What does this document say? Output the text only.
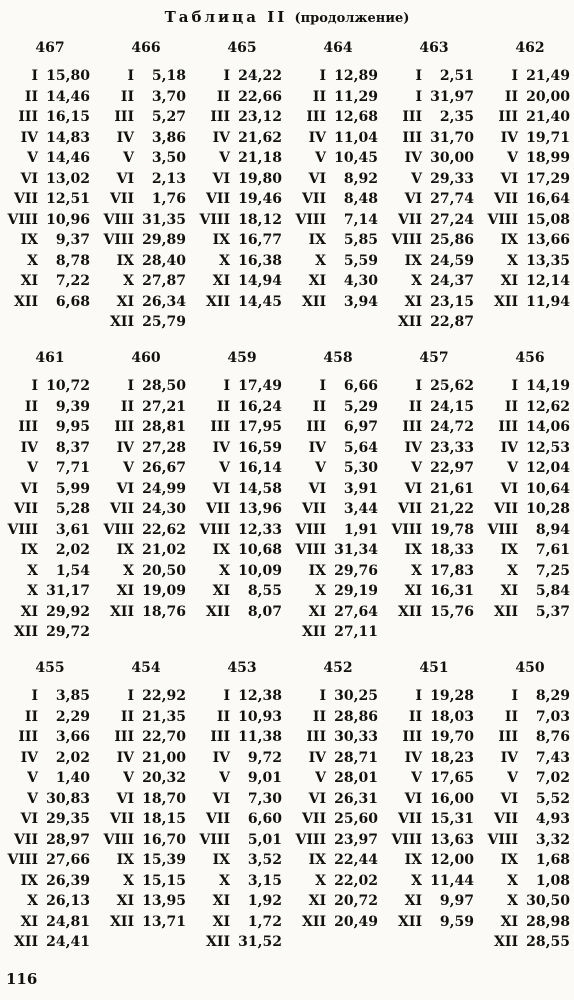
Таблица II (продолжение)
467
I 15,80
II 14,46
III 16,15
IV 14,83
V 14,46
VI 13,02
VII 12,51
VIII 10,96
IX	9,37
X	8,78
XI	7,22
XII	6,68
466
I	5,18
II	3,70
III	5,27
IV	3,86
V	3,50
VI	2,13
VII	1,76
VIII 31,35
VIII 29,89
IX 28,40
X 27,87
XI 26,34
XII 25,79
465
I 24,22
II 22,66
III 23,12
IV 21,62
V 21,18
VI 19,80
VII 19,46
VIII 18,12
IX 16,77
X 16,38
XI 14,94
XII 14,45
464
I 12,89
II 11,29
III 12,68
IV 11,04
V 10,45
VI	8,92
VII	8,48
VIII	7,14
IX	5,85
X	5,59
XI	4,30
XII	3,94
463
I	2,51
I 31,97
III	2,35
III 31,70
IV 30,00
V 29,33
VI 27,74
VII 27,24
VIII 25,86
IX 24,59
X 24,37
XI 23,15
XII 22,87
462
I 21,49
II 20,00
III 21,40
IV 19,71
V 18,99
VI 17,29
VII 16,64
VIII 15,08
IX 13,66
X 13,35
XI 12,14
XII 11,94
461
I 10,72
II	9,39
III	9,95
IV	8,37
V	7,71
VI	5,99
VII	5,28
VIII	3,61
IX	2,02
X	1,54
X 31,17
XI 29,92
XII 29,72
460
I 28,50
II 27,21
III 28,81
IV 27,28
V 26,67
VI 24,99
VII 24,30
VIII 22,62
IX 21,02
X 20,50
XI 19,09
XII 18,76
459
I 17,49
II 16,24
III 17,95
IV 16,59
V 16,14
VI 14,58
VII 13,96
VIII 12,33
IX 10,68
X 10,09
XI	8,55
XII	8,07
458
I	6,66
II	5,29
III	6,97
IV	5,64
V	5,30
VI	3,91
VII	3,44
VIII	1,91
VIII 31,34
IX 29,76
X 29,19
XI 27,64
XII 27,11
457
I 25,62
II 24,15
III 24,72
IV 23,33
V 22,97
VI 21,61
VII 21,22
VIII 19,78
IX 18,33
X 17,83
XI 16,31
XII 15,76
456
I 14,19
II 12,62
III 14,06
IV 12,53
V 12,04
VI 10,64
VII 10,28
VIII	8,94
IX	7,61
X	7,25
XI	5,84
XII	5,37
455
I	3,85
II	2,29
III	3,66
IV	2,02
V	1,40
V 30,83
VI 29,35
VII 28,97
VIII 27,66
IX 26,39
X 26,13
XI 24,81
XII 24,41
454
I 22,92
II 21,35
III 22,70
IV 21,00
V 20,32
VI 18,70
VII 18,15
VIII 16,70
IX 15,39
X 15,15
XI 13,95
XII 13,71
453
I 12,38
II 10,93
III 11,38
IV	9,72
V	9,01
VI	7,30
VII	6,60
VIII	5,01
IX	3,52
X	3,15
XI	1,92
XI	1,72
XII 31,52
452
I 30,25
II 28,86
III 30,33
IV 28,71
V 28,01
VI 26,31
VII 25,60
VIII 23,97
IX 22,44
X 22,02
XI 20,72
XII 20,49
451
I 19,28
II 18,03
III 19,70
IV 18,23
V 17,65
VI 16,00
VII 15,31
VIII 13,63
IX 12,00
X 11,44
XI	9,97
XII	9,59
450
I	8,29
II	7,03
III	8,76
IV	7,43
V	7,02
VI	5,52
VII	4,93
VIII	3,32
IX	1,68
X	1,08
X 30,50
XI 28,98
XII 28,55
116
